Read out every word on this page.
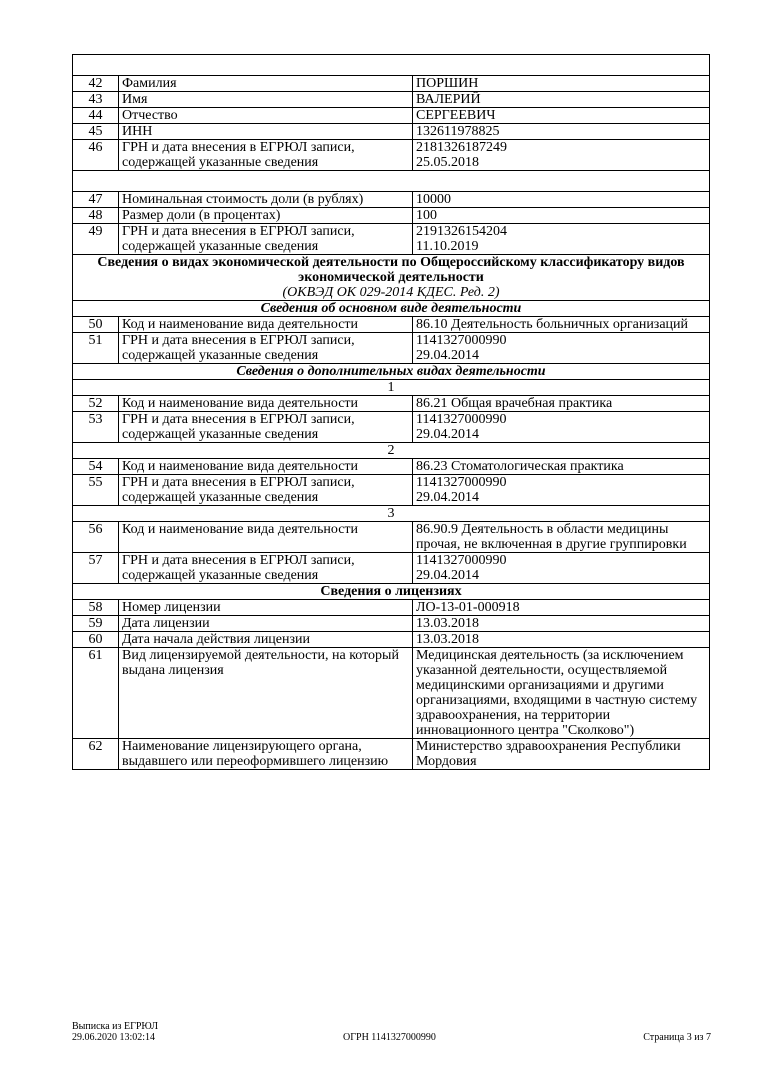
42	Фамилия	ПОРШИН
43	Имя	ВАЛЕРИЙ
44	Отчество	СЕРГЕЕВИЧ
45	ИНН	132611978825
46	ГРН и дата внесения в ЕГРЮЛ записи, содержащей указанные сведения	2181326187249
25.05.2018

47	Номинальная стоимость доли (в рублях)	10000
48	Размер доли (в процентах)	100
49	ГРН и дата внесения в ЕГРЮЛ записи, содержащей указанные сведения	2191326154204
11.10.2019

Сведения о видах экономической деятельности по Общероссийскому классификатору видов экономической деятельности
(ОКВЭД ОК 029-2014 КДЕС. Ред. 2)		

Сведения об основном виде деятельности		
50	Код и наименование вида деятельности	86.10 Деятельность больничных организаций
51	ГРН и дата внесения в ЕГРЮЛ записи, содержащей указанные сведения	1141327000990
29.04.2014
Сведения о дополнительных видах деятельности		
1		
52	Код и наименование вида деятельности	86.21 Общая врачебная практика
53	ГРН и дата внесения в ЕГРЮЛ записи, содержащей указанные сведения	1141327000990
29.04.2014
2		
54	Код и наименование вида деятельности	86.23 Стоматологическая практика
55	ГРН и дата внесения в ЕГРЮЛ записи, содержащей указанные сведения	1141327000990
29.04.2014
3		
56	Код и наименование вида деятельности	86.90.9 Деятельность в области медицины прочая, не включенная в другие группировки
57	ГРН и дата внесения в ЕГРЮЛ записи, содержащей указанные сведения	1141327000990
29.04.2014

Сведения о лицензиях		

58	Номер лицензии	ЛО-13-01-000918
59	Дата лицензии	13.03.2018
60	Дата начала действия лицензии	13.03.2018
61	Вид лицензируемой деятельности, на который выдана лицензия	Медицинская деятельность (за исключением указанной деятельности, осуществляемой медицинскими организациями и другими организациями, входящими в частную систему здравоохранения, на территории инновационного центра "Сколково")
62	Наименование лицензирующего органа, выдавшего или переоформившего лицензию	Министерство здравоохранения Республики Мордовия
Выписка из ЕГРЮЛ
29.06.2020 13:02:14	ОГРН 1141327000990	Страница 3 из 7
